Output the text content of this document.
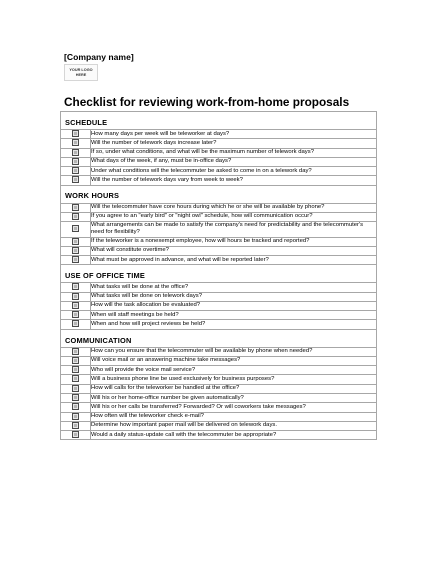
[Company name]
YOUR LOGO HERE
Checklist for reviewing work-from-home proposals
SCHEDULE	
	How many days per week will be teleworker at days?
	Will the number of telework days increase later?
	If so, under what conditions, and what will be the maximum number of telework days?
	What days of the week, if any, must be in-office days?
	Under what conditions will the telecommuter be asked to come in on a telework day?
	Will the number of telework days vary from week to week?
WORK HOURS	
	Will the telecommuter have core hours during which he or she will be available by phone?
	If you agree to an "early bird" or "night owl" schedule, how will communication occur?
	What arrangements can be made to satisfy the company's need for predictability and the telecommuter's need for flexibility?
	If the teleworker is a nonexempt employee, how will hours be tracked and reported?
	What will constitute overtime?
	What must be approved in advance, and what will be reported later?
USE OF OFFICE TIME	
	What tasks will be done at the office?
	What tasks will be done on telework days?
	How will the task allocation be evaluated?
	When will staff meetings be held?
	When and how will project reviews be held?
COMMUNICATION	
	How can you ensure that the telecommuter will be available by phone when needed?
	Will voice mail or an answering machine take messages?
	Who will provide the voice mail service?
	Will a business phone line be used exclusively for business purposes?
	How will calls for the teleworker be handled at the office?
	Will his or her home-office number be given automatically?
	Will his or her calls be transferred? Forwarded? Or will coworkers take messages?
	How often will the teleworker check e-mail?
	Determine how important paper mail will be delivered on telework days.
	Would a daily status-update call with the telecommuter be appropriate?
